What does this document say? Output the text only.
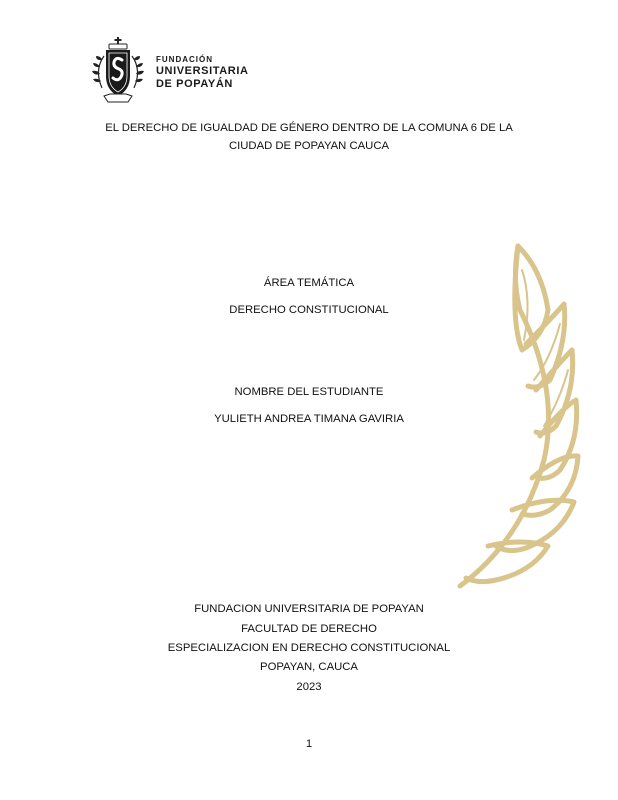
FUNDACIÓN
UNIVERSITARIA
DE POPAYÁN
EL DERECHO DE IGUALDAD DE GÉNERO DENTRO DE LA COMUNA 6 DE LA
CIUDAD DE POPAYAN CAUCA
ÁREA TEMÁTICA
DERECHO CONSTITUCIONAL
NOMBRE DEL ESTUDIANTE
YULIETH ANDREA TIMANA GAVIRIA
FUNDACION UNIVERSITARIA DE POPAYAN
FACULTAD DE DERECHO
ESPECIALIZACION EN DERECHO CONSTITUCIONAL
POPAYAN, CAUCA
2023
1
